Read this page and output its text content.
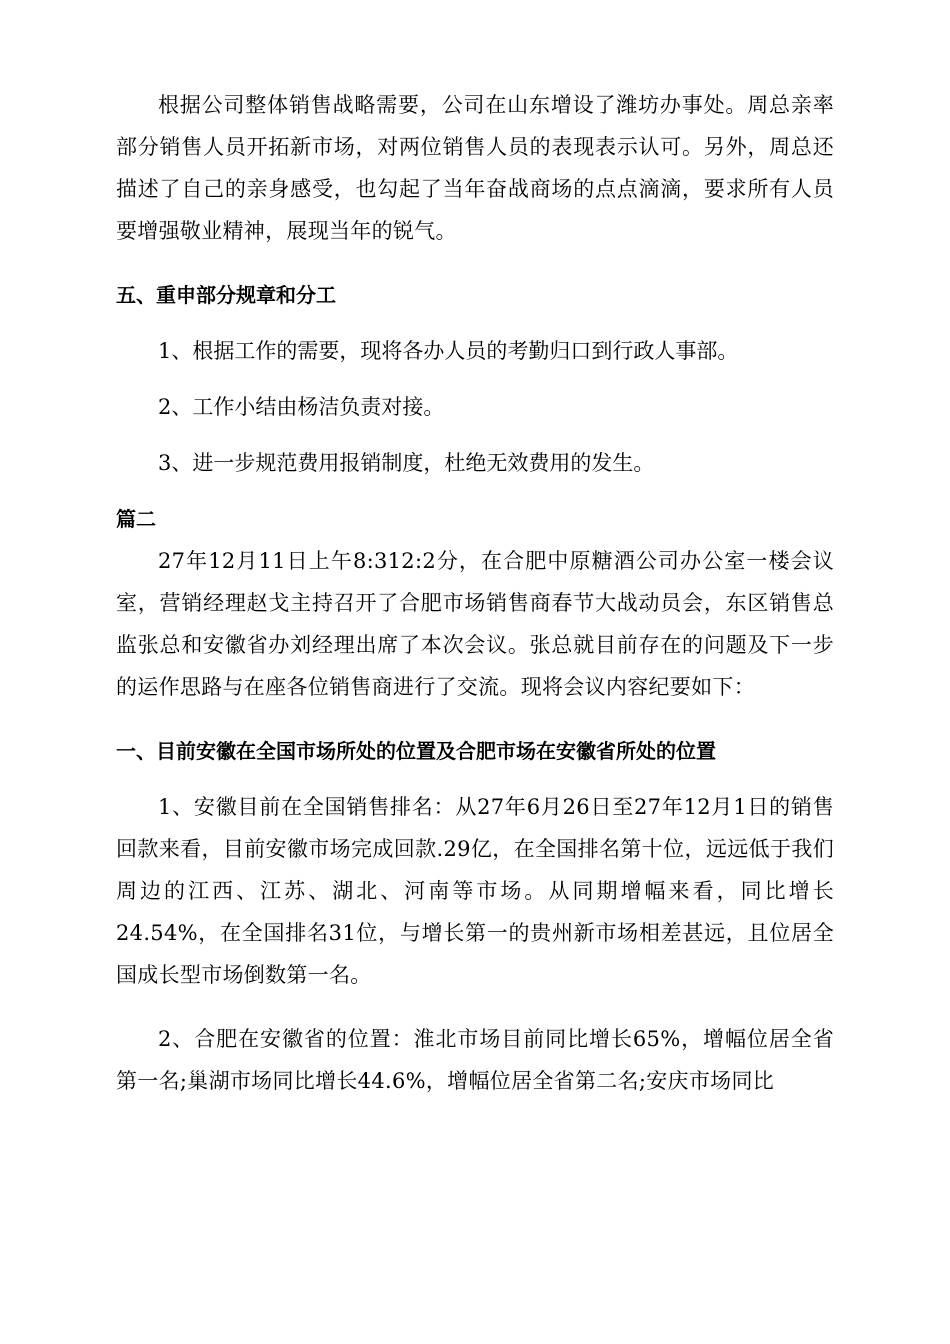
根据公司整体销售战略需要，公司在山东增设了潍坊办事处。周总亲率部分销售人员开拓新市场，对两位销售人员的表现表示认可。另外，周总还描述了自己的亲身感受，也勾起了当年奋战商场的点点滴滴，要求所有人员要增强敬业精神，展现当年的锐气。

五、重申部分规章和分工

1、根据工作的需要，现将各办人员的考勤归口到行政人事部。

2、工作小结由杨洁负责对接。

3、进一步规范费用报销制度，杜绝无效费用的发生。

篇二

27年12月11日上午8:312:2分，在合肥中原糖酒公司办公室一楼会议室，营销经理赵戈主持召开了合肥市场销售商春节大战动员会，东区销售总监张总和安徽省办刘经理出席了本次会议。张总就目前存在的问题及下一步的运作思路与在座各位销售商进行了交流。现将会议内容纪要如下：

一、目前安徽在全国市场所处的位置及合肥市场在安徽省所处的位置

1、安徽目前在全国销售排名：从27年6月26日至27年12月1日的销售回款来看，目前安徽市场完成回款.29亿，在全国排名第十位，远远低于我们周边的江西、江苏、湖北、河南等市场。从同期增幅来看，同比增长24.54%，在全国排名31位，与增长第一的贵州新市场相差甚远，且位居全国成长型市场倒数第一名。

2、合肥在安徽省的位置：淮北市场目前同比增长65%，增幅位居全省第一名;巢湖市场同比增长44.6%，增幅位居全省第二名;安庆市场同比
